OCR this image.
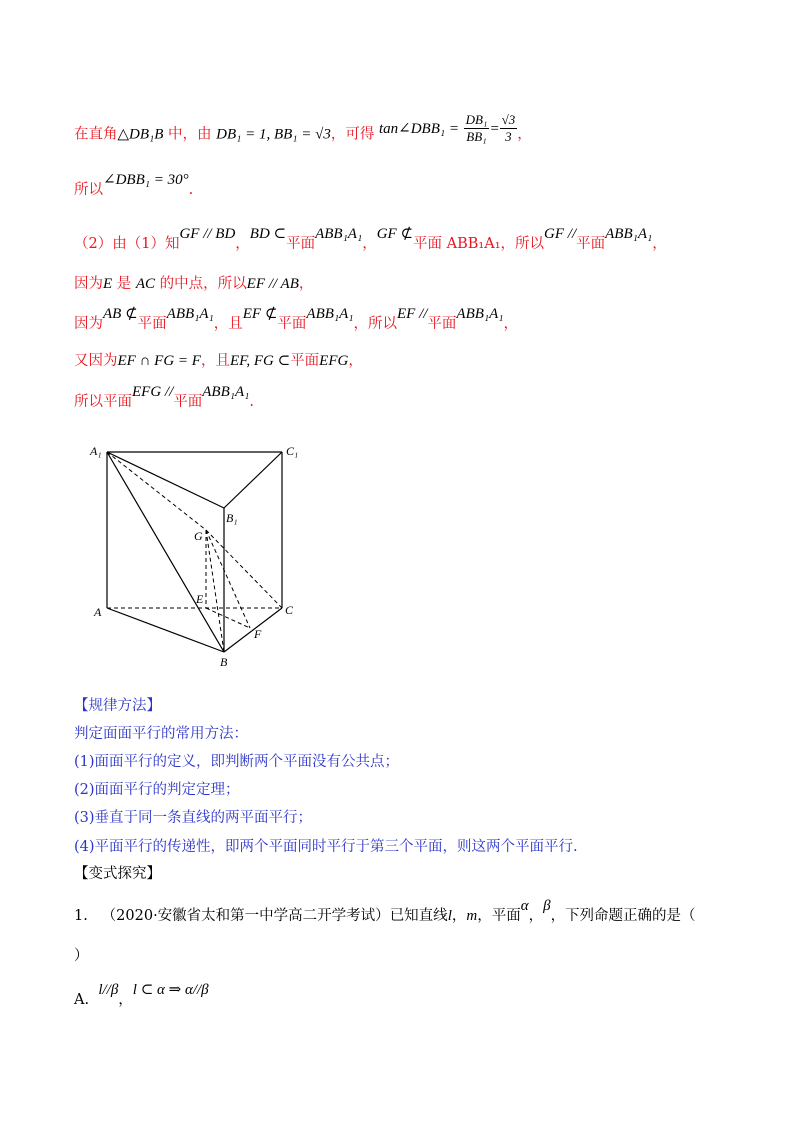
在直角△DB₁B 中，由 DB₁ = 1, BB₁ = √3，可得 tan∠DBB₁ = $\frac{\text{DB₁}}{\text{BB₁}} = \frac{√3}{3}$ ，
所以∠DBB₁ = 30°.
（2）由（1）知GF // BD，BD ⊂平面ABB₁A₁，GF ⊄平面 ABB₁A₁，所以GF //平面ABB₁A₁，
因为E 是 AC 的中点，所以EF // AB，
因为AB ⊄平面ABB₁A₁，且EF ⊄平面ABB₁A₁，所以EF //平面ABB₁A₁，
又因为EF ∩ FG = F，且EF, FG ⊂平面EFG，
所以平面EFG //平面ABB₁A₁.
A₁	C₁
B₁
G
A
E
C
F
B
【规律方法】
判定面面平行的常用方法：
(1)面面平行的定义，即判断两个平面没有公共点；
(2)面面平行的判定定理；
(3)垂直于同一条直线的两平面平行；
(4)平面平行的传递性，即两个平面同时平行于第三个平面，则这两个平面平行.
【变式探究】
1. （2020·安徽省太和第一中学高二开学考试）已知直线l，m，平面α，β，下列命题正确的是（
）
A.  l//β，l ⊂ α ⇒ α//β
